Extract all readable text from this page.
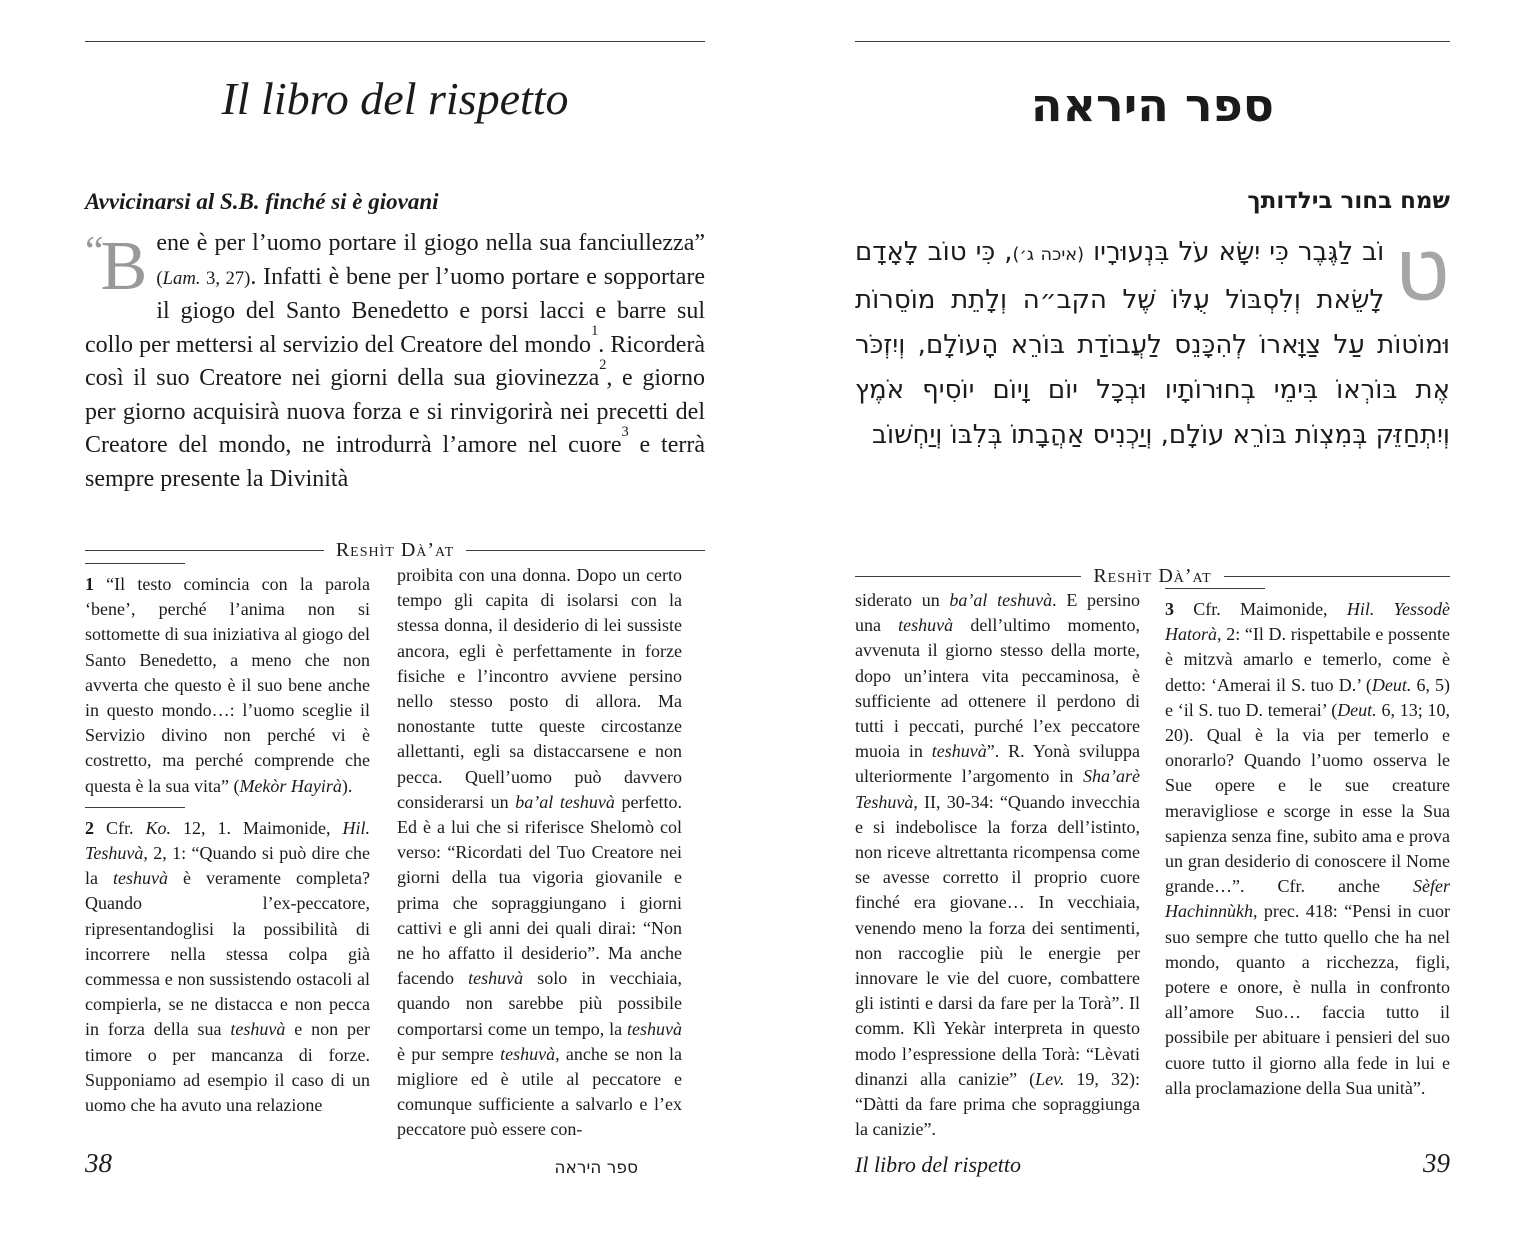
Il libro del rispetto
Avvicinarsi al S.B. finché si è giovani

“B ene è per l’uomo portare il giogo nella sua fanciullezza” (Lam. 3, 27). Infatti è bene per l’uomo portare e sopportare il giogo del Santo Benedetto e porsi lacci e barre sul collo per mettersi al servizio del Creatore del mondo$^1$. Ricorderà così il suo Creatore nei giorni della sua giovinezza$^2$, e giorno per giorno acquisirà nuova forza e si rinvigorirà nei precetti del Creatore del mondo, ne introdurrà l’amore nel cuore$^3$ e terrà sempre presente la Divinità

Reshìt Dà’at

1 “Il testo comincia con la parola ‘bene’, perché l’anima non si sottomette di sua iniziativa al giogo del Santo Benedetto, a meno che non avverta che questo è il suo bene anche in questo mondo…: l’uomo sceglie il Servizio divino non perché vi è costretto, ma perché comprende che questa è la sua vita” (Mekòr Hayirà).

2 Cfr. Ko. 12, 1. Maimonide, Hil. Teshuvà, 2, 1: “Quando si può dire che la teshuvà è veramente completa? Quando l’ex-peccatore, ripresentandoglisi la possibilità di incorrere nella stessa colpa già commessa e non sussistendo ostacoli al compierla, se ne distacca e non pecca in forza della sua teshuvà e non per timore o per mancanza di forze. Supponiamo ad esempio il caso di un uomo che ha avuto una relazione

proibita con una donna. Dopo un certo tempo gli capita di isolarsi con la stessa donna, il desiderio di lei sussiste ancora, egli è perfettamente in forze fisiche e l’incontro avviene persino nello stesso posto di allora. Ma nonostante tutte queste circostanze allettanti, egli sa distaccarsene e non pecca. Quell’uomo può davvero considerarsi un ba’al teshuvà perfetto. Ed è a lui che si riferisce Shelomò col verso: “Ricordati del Tuo Creatore nei giorni della tua vigoria giovanile e prima che sopraggiungano i giorni cattivi e gli anni dei quali dirai: “Non ne ho affatto il desiderio”. Ma anche facendo teshuvà solo in vecchiaia, quando non sarebbe più possibile comportarsi come un tempo, la teshuvà è pur sempre teshuvà, anche se non la migliore ed è utile al peccatore e comunque sufficiente a salvarlo e l’ex peccatore può essere con-

38	ספר היראה
ספר היראה
שמח בחור בילדותך

ט
וֹב לַגֶּבֶר כִּי יִשָּׂא עֹל בִּנְעוּרָיו (איכה ג׳), כִּי טוֹב לָאָדָם לָשֵׂאת וְלִסְבּוֹל עֻלּוֹ שֶׁל הקב״ה וְלָתֵת מוֹסֵרוֹת וּמוֹטוֹת עַל צַוָּארוֹ לְהִכָּנֵס לַעֲבוֹדַת בּוֹרֵא הָעוֹלָם, וְיִזְכֹּר אֶת בּוֹרְאוֹ בִּימֵי בְחוּרוֹתָיו וּבְכָל יוֹם וָיוֹם יוֹסִיף אֹמֶץ וְיִתְחַזֵּק בְּמִצְוֹת בּוֹרֵא עוֹלָם, וְיַכְנִיס אַהֲבָתוֹ בְּלִבּוֹ וְיַחְשׁוֹב

Reshìt Dà’at

siderato un ba’al teshuvà. E persino una teshuvà dell’ultimo momento, avvenuta il giorno stesso della morte, dopo un’intera vita peccaminosa, è sufficiente ad ottenere il perdono di tutti i peccati, purché l’ex peccatore muoia in teshuvà”. R. Yonà sviluppa ulteriormente l’argomento in Sha’arè Teshuvà, II, 30-34: “Quando invecchia e si indebolisce la forza dell’istinto, non riceve altrettanta ricompensa come se avesse corretto il proprio cuore finché era giovane… In vecchiaia, venendo meno la forza dei sentimenti, non raccoglie più le energie per innovare le vie del cuore, combattere gli istinti e darsi da fare per la Torà”. Il comm. Klì Yekàr interpreta in questo modo l’espressione della Torà: “Lèvati dinanzi alla canizie” (Lev. 19, 32): “Dàtti da fare prima che sopraggiunga la canizie”.

3 Cfr. Maimonide, Hil. Yessodè Hatorà, 2: “Il D. rispettabile e possente è mitzvà amarlo e temerlo, come è detto: ‘Amerai il S. tuo D.’ (Deut. 6, 5) e ‘il S. tuo D. temerai’ (Deut. 6, 13; 10, 20). Qual è la via per temerlo e onorarlo? Quando l’uomo osserva le Sue opere e le sue creature meravigliose e scorge in esse la Sua sapienza senza fine, subito ama e prova un gran desiderio di conoscere il Nome grande…”. Cfr. anche Sèfer Hachinnùkh, prec. 418: “Pensi in cuor suo sempre che tutto quello che ha nel mondo, quanto a ricchezza, figli, potere e onore, è nulla in confronto all’amore Suo… faccia tutto il possibile per abituare i pensieri del suo cuore tutto il giorno alla fede in lui e alla proclamazione della Sua unità”.

Il libro del rispetto	39
